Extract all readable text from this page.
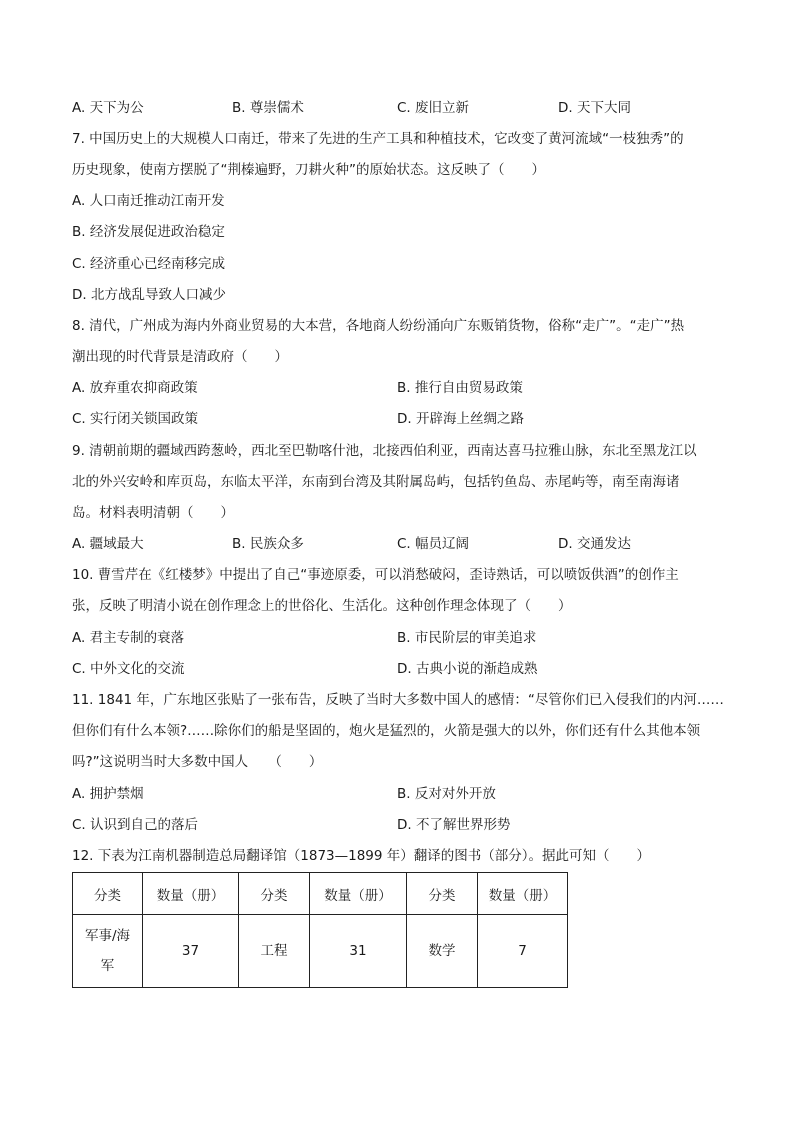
A. 天下为公	B. 尊崇儒术	C. 废旧立新	D. 天下大同
7. 中国历史上的大规模人口南迁，带来了先进的生产工具和种植技术，它改变了黄河流域“一枝独秀”的
历史现象，使南方摆脱了“荆榛遍野，刀耕火种”的原始状态。这反映了（　　）
A. 人口南迁推动江南开发
B. 经济发展促进政治稳定
C. 经济重心已经南移完成
D. 北方战乱导致人口减少
8. 清代，广州成为海内外商业贸易的大本营，各地商人纷纷涌向广东贩销货物，俗称“走广”。“走广”热
潮出现的时代背景是清政府（　　）
A. 放弃重农抑商政策	B. 推行自由贸易政策
C. 实行闭关锁国政策	D. 开辟海上丝绸之路
9. 清朝前期的疆域西跨葱岭，西北至巴勒喀什池，北接西伯利亚，西南达喜马拉雅山脉，东北至黑龙江以
北的外兴安岭和库页岛，东临太平洋，东南到台湾及其附属岛屿，包括钓鱼岛、赤尾屿等，南至南海诸
岛。材料表明清朝（　　）
A. 疆域最大	B. 民族众多	C. 幅员辽阔	D. 交通发达
10. 曹雪芹在《红楼梦》中提出了自己“事迹原委，可以消愁破闷，歪诗熟话，可以喷饭供酒”的创作主
张，反映了明清小说在创作理念上的世俗化、生活化。这种创作理念体现了（　　）
A. 君主专制的衰落	B. 市民阶层的审美追求
C. 中外文化的交流	D. 古典小说的渐趋成熟
11. 1841 年，广东地区张贴了一张布告，反映了当时大多数中国人的感情：“尽管你们已入侵我们的内河……
但你们有什么本领?……除你们的船是坚固的，炮火是猛烈的，火箭是强大的以外，你们还有什么其他本领
吗?”这说明当时大多数中国人　　（　　）
A. 拥护禁烟	B. 反对对外开放
C. 认识到自己的落后	D. 不了解世界形势
12. 下表为江南机器制造总局翻译馆（1873—1899 年）翻译的图书（部分）。据此可知（　　）
分类	数量（册）	分类	数量（册）	分类	数量（册）

军事/海
军	37	工程	31	数学	7
